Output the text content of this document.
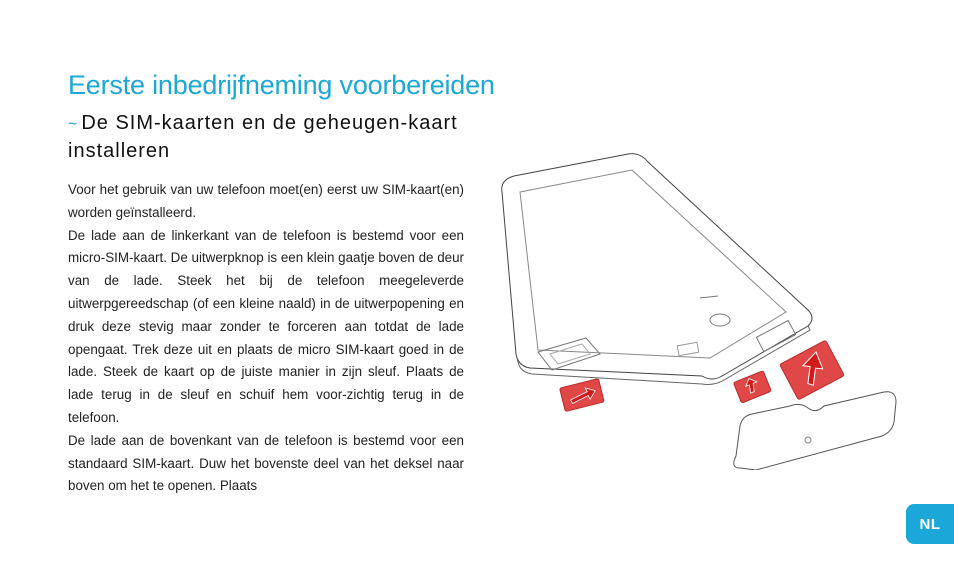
Eerste inbedrijfneming voorbereiden
~ De SIM-kaarten en de geheugen-kaart installeren

Voor het gebruik van uw telefoon moet(en) eerst uw SIM-kaart(en) worden geïnstalleerd.

De lade aan de linkerkant van de telefoon is bestemd voor een micro-SIM-kaart. De uitwerpknop is een klein gaatje boven de deur van de lade. Steek het bij de telefoon meegeleverde uitwerpgereedschap (of een kleine naald) in de uitwerpopening en druk deze stevig maar zonder te forceren aan totdat de lade opengaat. Trek deze uit en plaats de micro SIM-kaart goed in de lade. Steek de kaart op de juiste manier in zijn sleuf. Plaats de lade terug in de sleuf en schuif hem voor-zichtig terug in de telefoon.

De lade aan de bovenkant van de telefoon is bestemd voor een standaard SIM-kaart. Duw het bovenste deel van het deksel naar boven om het te openen. Plaats

NL
